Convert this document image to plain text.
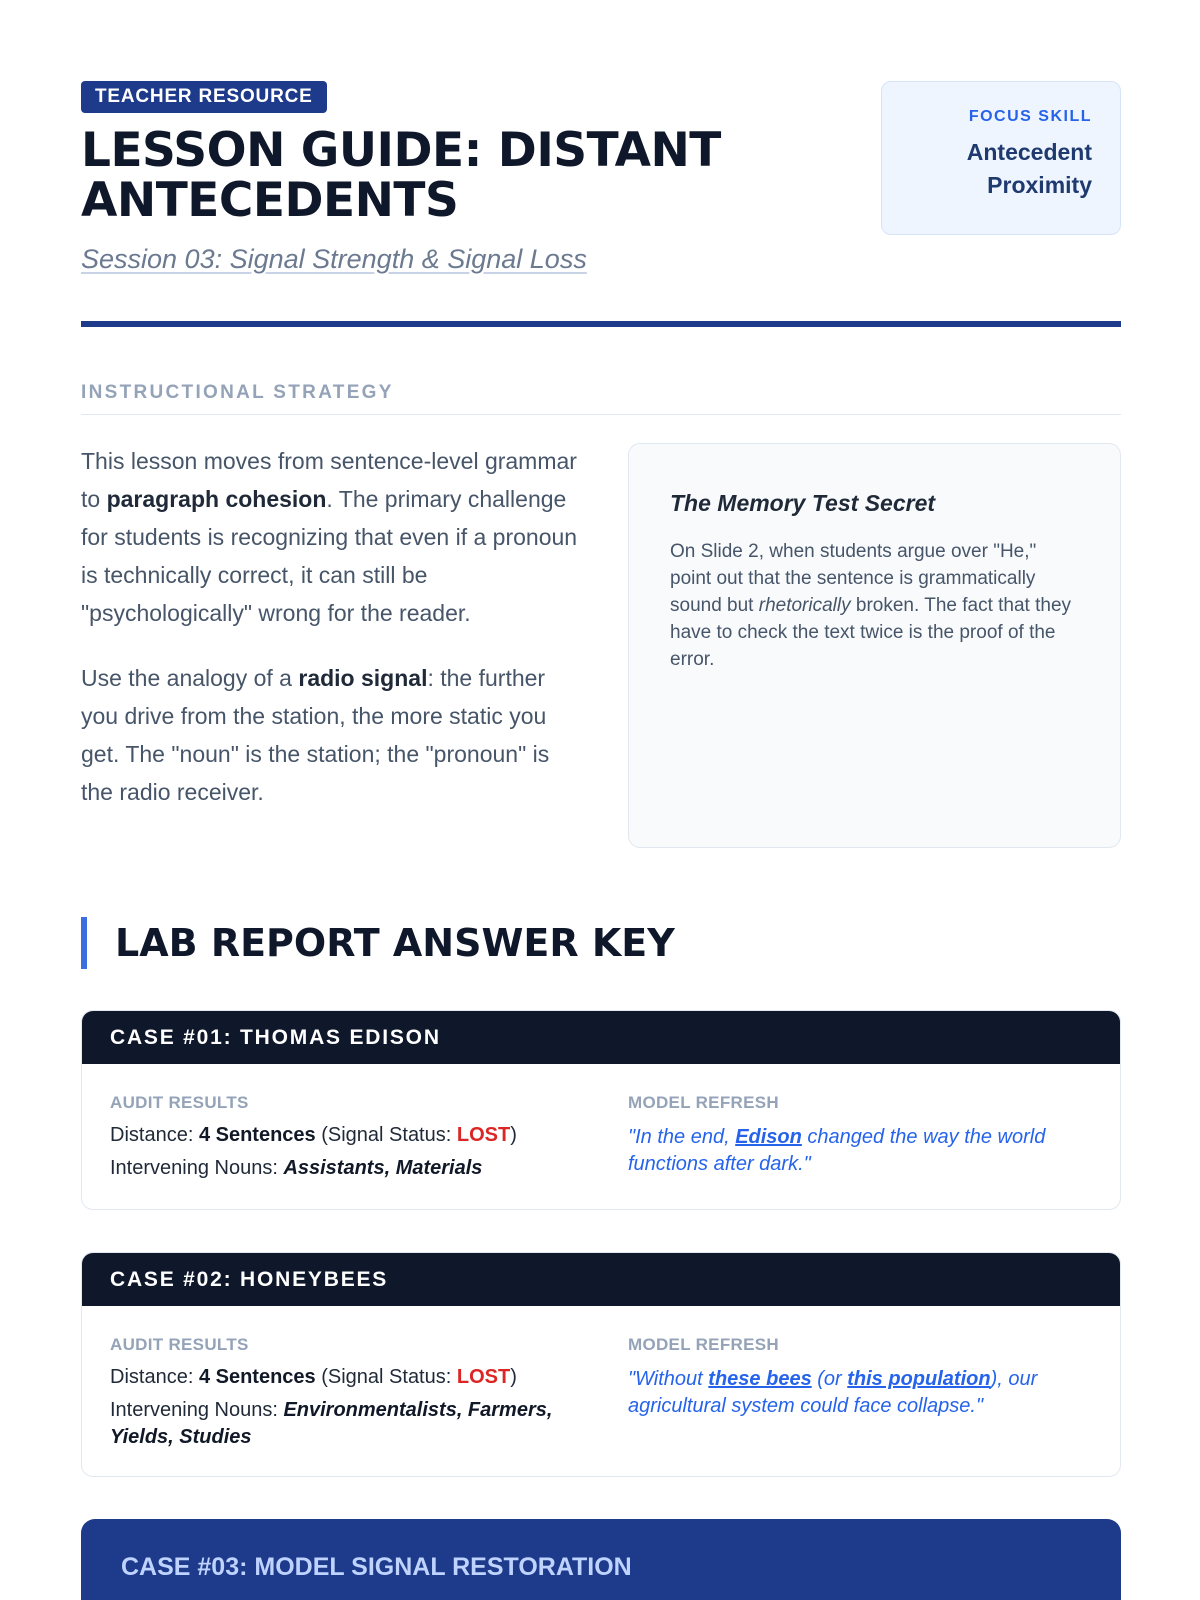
TEACHER RESOURCE
LESSON GUIDE: DISTANT ANTECEDENTS
Session 03: Signal Strength & Signal Loss
FOCUS SKILL
Antecedent
Proximity
INSTRUCTIONAL STRATEGY

This lesson moves from sentence-level grammar to paragraph cohesion. The primary challenge for students is recognizing that even if a pronoun is technically correct, it can still be "psychologically" wrong for the reader.

Use the analogy of a radio signal: the further you drive from the station, the more static you get. The "noun" is the station; the "pronoun" is the radio receiver.

The Memory Test Secret
On Slide 2, when students argue over "He," point out that the sentence is grammatically sound but rhetorically broken. The fact that they have to check the text twice is the proof of the error.
LAB REPORT ANSWER KEY
CASE #01: THOMAS EDISON
AUDIT RESULTS
Distance: 4 Sentences (Signal Status: LOST)
Intervening Nouns: Assistants, Materials
MODEL REFRESH
"In the end, Edison changed the way the world functions after dark."
CASE #02: HONEYBEES
AUDIT RESULTS
Distance: 4 Sentences (Signal Status: LOST)
Intervening Nouns: Environmentalists, Farmers, Yields, Studies
MODEL REFRESH
"Without these bees (or this population), our agricultural system could face collapse."
CASE #03: MODEL SIGNAL RESTORATION
